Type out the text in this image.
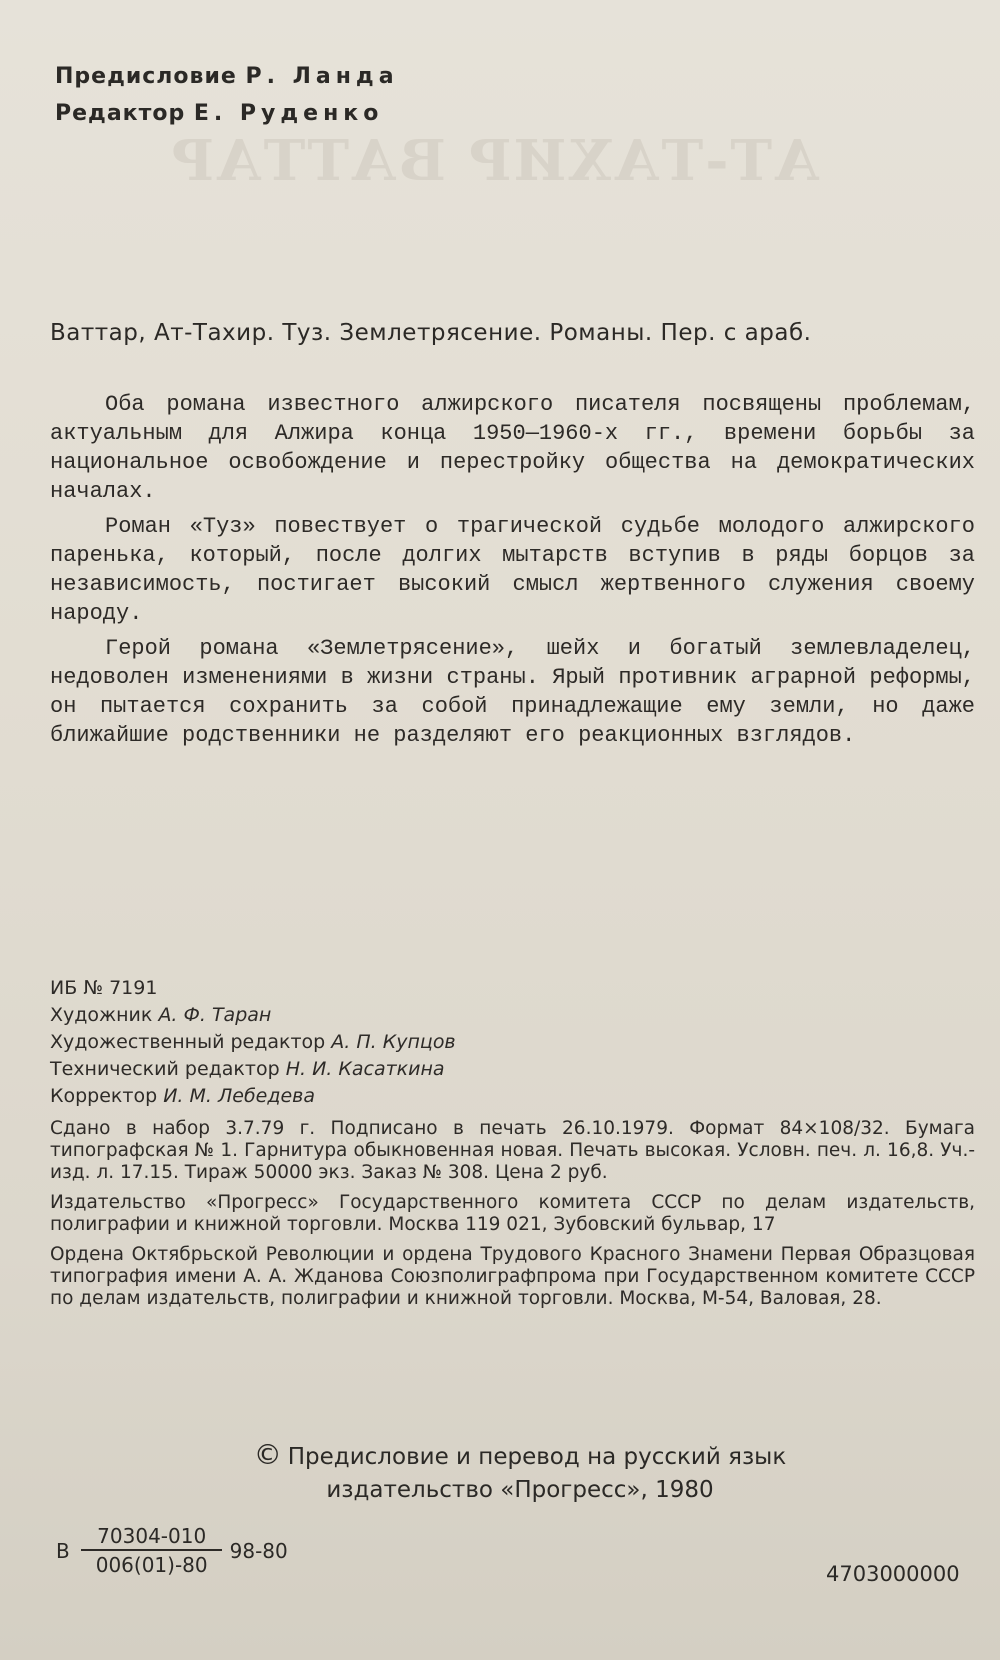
АТ-ТАХИР ВАТТАР
Предисловие Р. Ланда
Редактор Е. Руденко
Ваттар, Ат-Тахир. Туз. Землетрясение. Романы. Пер. с араб.

Оба романа известного алжирского писателя посвящены проблемам, актуальным для Алжира конца 1950—1960-х гг., времени борьбы за национальное освобождение и перестройку общества на демократических началах.

Роман «Туз» повествует о трагической судьбе молодого алжирского паренька, который, после долгих мытарств вступив в ряды борцов за независимость, постигает высокий смысл жертвенного служения своему народу.

Герой романа «Землетрясение», шейх и богатый землевладелец, недоволен изменениями в жизни страны. Ярый противник аграрной реформы, он пытается сохранить за собой принадлежащие ему земли, но даже ближайшие родственники не разделяют его реакционных взглядов.

ИБ № 7191
Художник А. Ф. Таран
Художественный редактор А. П. Купцов
Технический редактор Н. И. Касаткина
Корректор И. М. Лебедева
Сдано в набор 3.7.79 г. Подписано в печать 26.10.1979. Формат 84×108/32. Бумага типографская № 1. Гарнитура обыкновенная новая. Печать высокая. Условн. печ. л. 16,8. Уч.-изд. л. 17.15. Тираж 50000 экз. Заказ № 308. Цена 2 руб.
Издательство «Прогресс» Государственного комитета СССР по делам издательств, полиграфии и книжной торговли. Москва 119 021, Зубовский бульвар, 17
Ордена Октябрьской Революции и ордена Трудового Красного Знамени Первая Образцовая типография имени А. А. Жданова Союзполиграфпрома при Государственном комитете СССР по делам издательств, полиграфии и книжной торговли. Москва, М-54, Валовая, 28.
© Предисловие и перевод на русский язык
издательство «Прогресс», 1980
В $\frac{70304-010}{006(01)-80} 98-80$
4703000000
